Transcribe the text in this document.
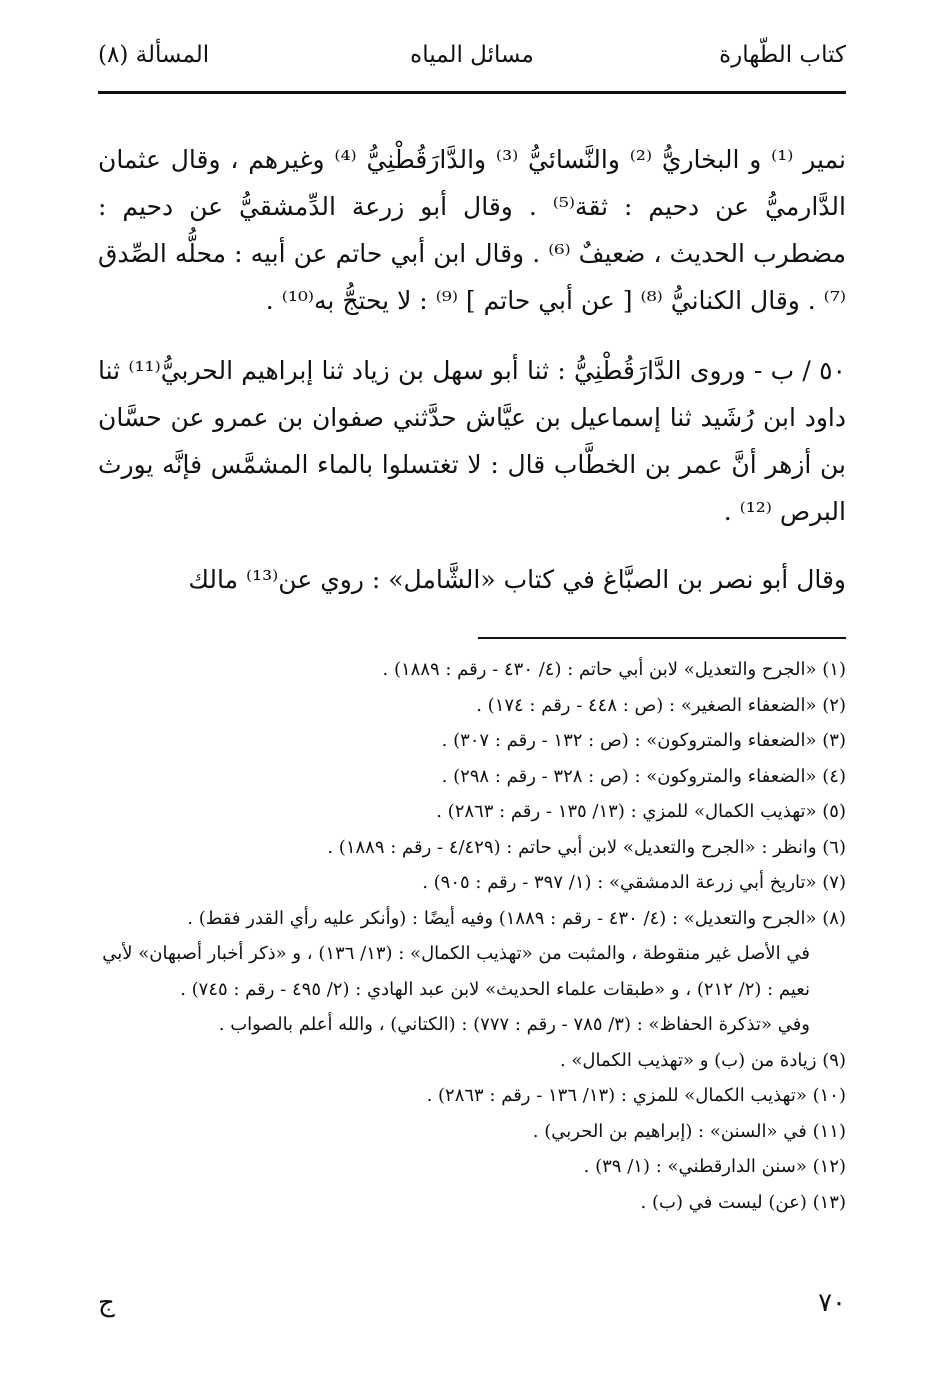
كتاب الطّهارة
مسائل المياه
المسألة (٨)

نمير ⁽¹⁾ و البخاريُّ ⁽²⁾ والنَّسائيُّ ⁽³⁾ والدَّارَقُطْنِيُّ ⁽⁴⁾ وغيرهم ، وقال عثمان الدَّارميُّ عن دحيم : ثقة⁽⁵⁾ . وقال أبو زرعة الدِّمشقيُّ عن دحيم : مضطرب الحديث ، ضعيفٌ ⁽⁶⁾ . وقال ابن أبي حاتم عن أبيه : محلُّه الصِّدق ⁽⁷⁾ . وقال الكنانيُّ ⁽⁸⁾ [ عن أبي حاتم ] ⁽⁹⁾ : لا يحتجُّ به⁽¹⁰⁾ .

٥٠ / ب - وروى الدَّارَقُطْنِيُّ : ثنا أبو سهل بن زياد ثنا إبراهيم الحربيُّ⁽¹¹⁾ ثنا داود ابن رُشَيد ثنا إسماعيل بن عيَّاش حدَّثني صفوان بن عمرو عن حسَّان بن أزهر أنَّ عمر بن الخطَّاب قال : لا تغتسلوا بالماء المشمَّس فإنَّه يورث البرص ⁽¹²⁾ .

وقال أبو نصر بن الصبَّاغ في كتاب «الشَّامل» : روي عن⁽¹³⁾ مالك

(١) «الجرح والتعديل» لابن أبي حاتم : (٤/ ٤٣٠ - رقم : ١٨٨٩) .
(٢) «الضعفاء الصغير» : (ص : ٤٤٨ - رقم : ١٧٤) .
(٣) «الضعفاء والمتروكون» : (ص : ١٣٢ - رقم : ٣٠٧) .
(٤) «الضعفاء والمتروكون» : (ص : ٣٢٨ - رقم : ٢٩٨) .
(٥) «تهذيب الكمال» للمزي : (١٣/ ١٣٥ - رقم : ٢٨٦٣) .
(٦) وانظر : «الجرح والتعديل» لابن أبي حاتم : (٤/٤٢٩ - رقم : ١٨٨٩) .
(٧) «تاريخ أبي زرعة الدمشقي» : (١/ ٣٩٧ - رقم : ٩٠٥) .
(٨) «الجرح والتعديل» : (٤/ ٤٣٠ - رقم : ١٨٨٩) وفيه أيضًا : (وأنكر عليه رأي القدر فقط) .
في الأصل غير منقوطة ، والمثبت من «تهذيب الكمال» : (١٣/ ١٣٦) ، و «ذكر أخبار أصبهان» لأبي نعيم : (٢/ ٢١٢) ، و «طبقات علماء الحديث» لابن عبد الهادي : (٢/ ٤٩٥ - رقم : ٧٤٥) .
وفي «تذكرة الحفاظ» : (٣/ ٧٨٥ - رقم : ٧٧٧) : (الكتاني) ، والله أعلم بالصواب .
(٩) زيادة من (ب) و «تهذيب الكمال» .
(١٠) «تهذيب الكمال» للمزي : (١٣/ ١٣٦ - رقم : ٢٨٦٣) .
(١١) في «السنن» : (إبراهيم بن الحربي) .
(١٢) «سنن الدارقطني» : (١/ ٣٩) .
(١٣) (عن) ليست في (ب) .
٧٠
ج
